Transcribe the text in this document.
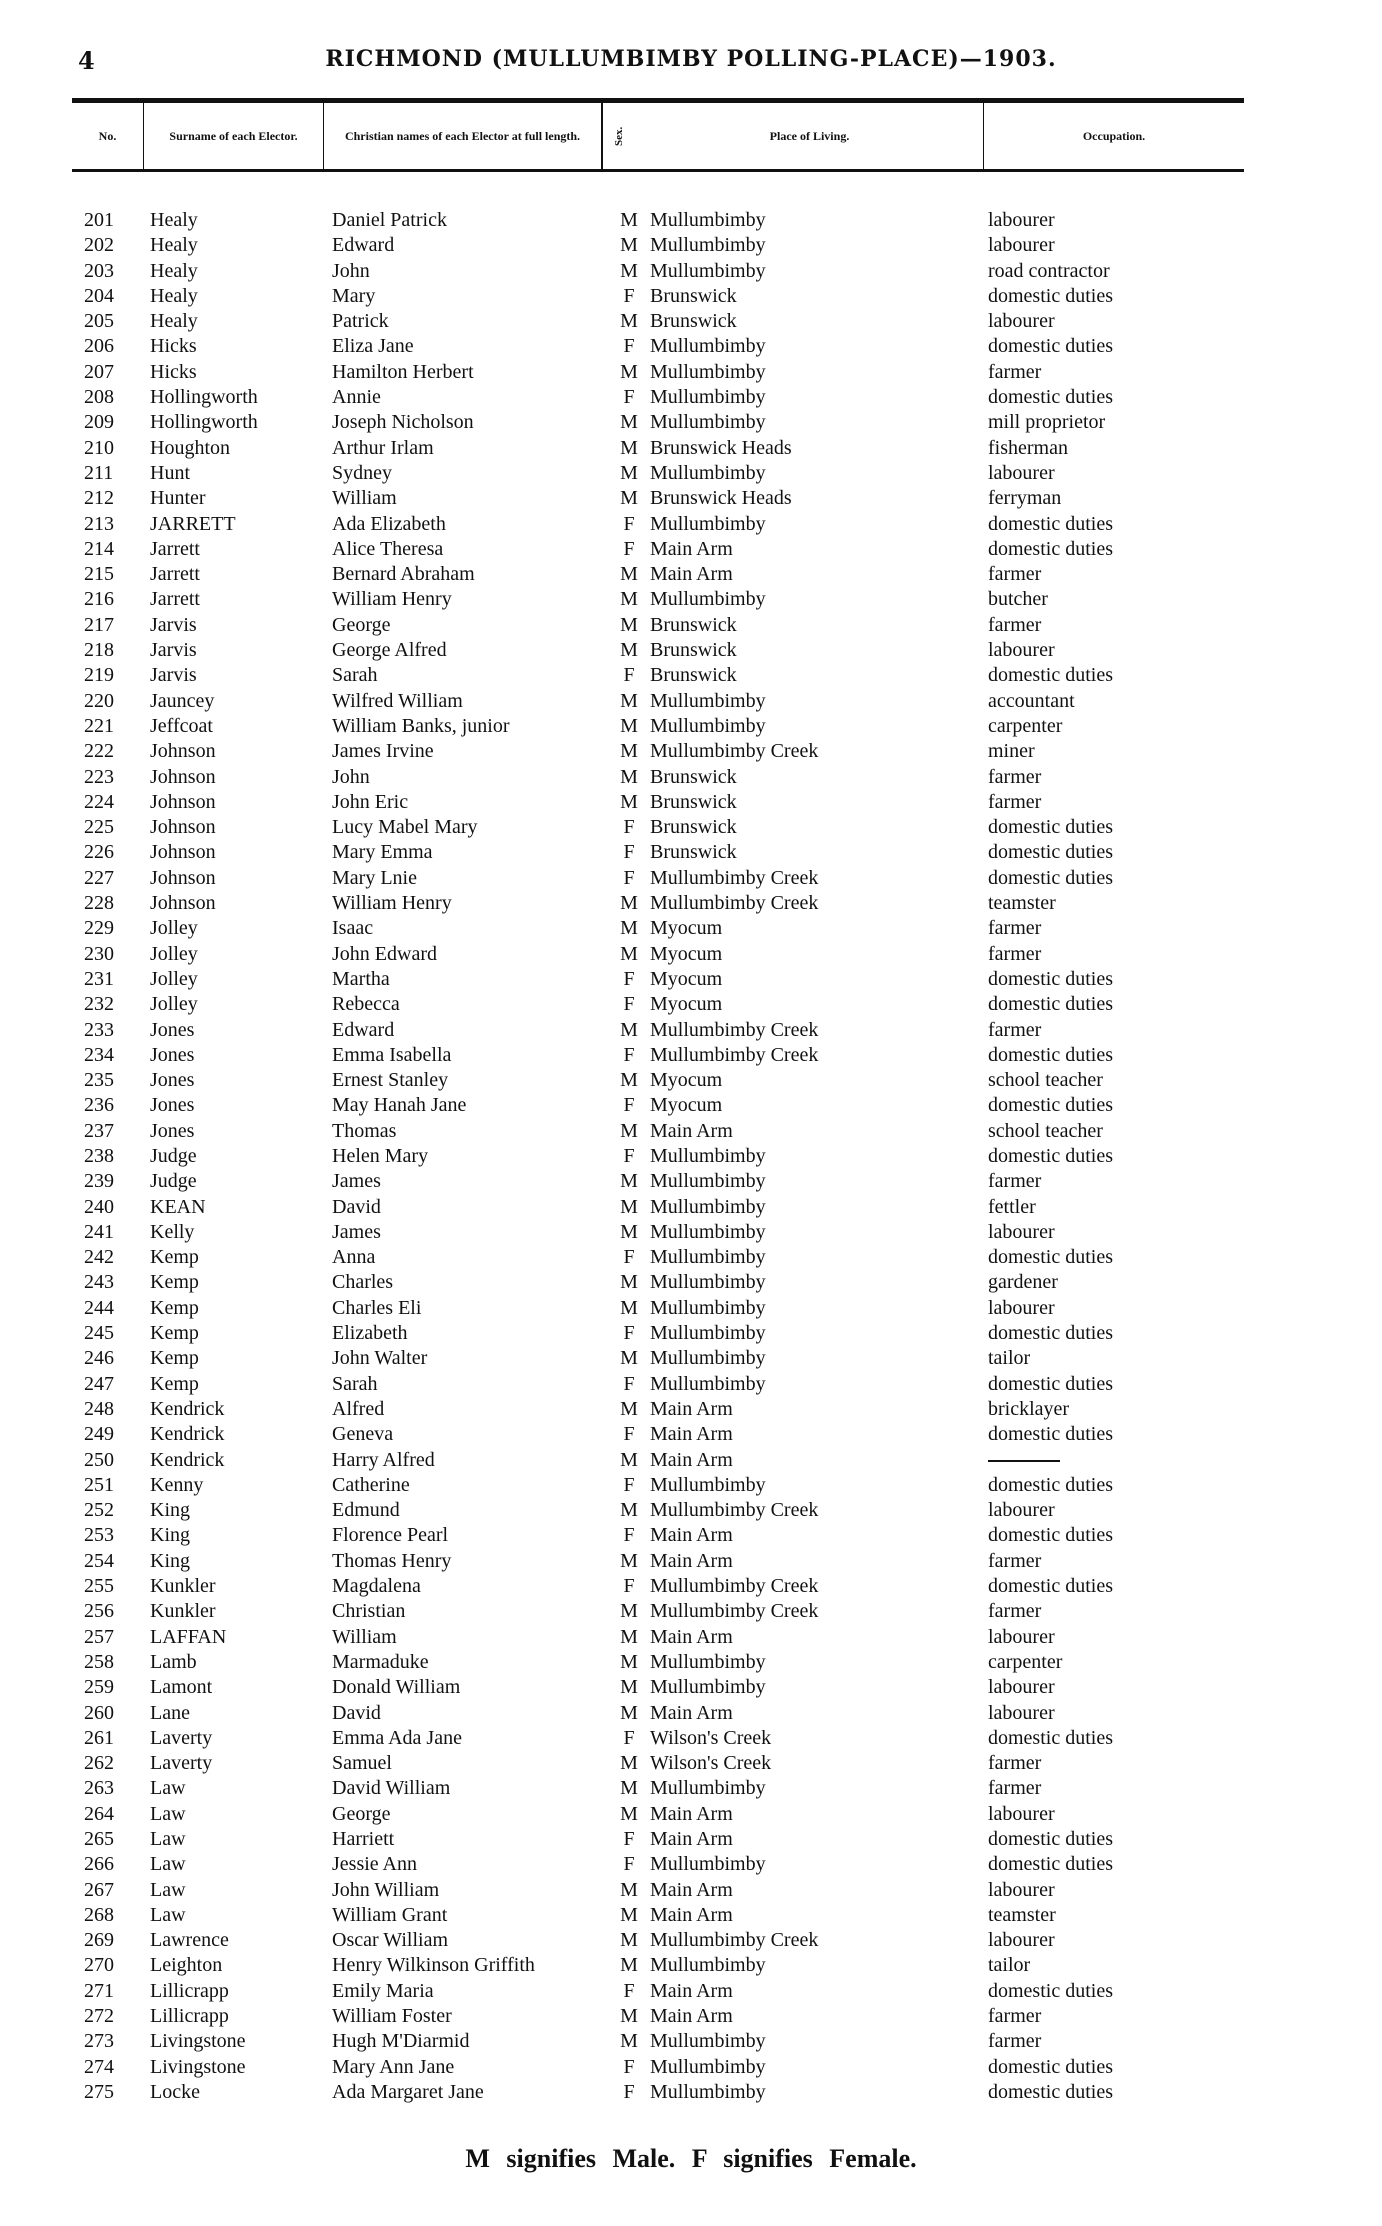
4	RICHMOND (MULLUMBIMBY POLLING-PLACE)—1903.
No.	Surname of each Elector.	Christian names of each Elector at full length.	Sex.	Place of Living.	Occupation.
201	Healy	Daniel Patrick	M Mullumbimby	labourer
202	Healy	Edward	M Mullumbimby	labourer
203	Healy	John	M Mullumbimby	road contractor
204	Healy	Mary	F Brunswick	domestic duties
205	Healy	Patrick	M Brunswick	labourer
206	Hicks	Eliza Jane	F Mullumbimby	domestic duties
207	Hicks	Hamilton Herbert	M Mullumbimby	farmer
208	Hollingworth	Annie	F Mullumbimby	domestic duties
209	Hollingworth	Joseph Nicholson	M Mullumbimby	mill proprietor
210	Houghton	Arthur Irlam	M Brunswick Heads	fisherman
211	Hunt	Sydney	M Mullumbimby	labourer
212	Hunter	William	M Brunswick Heads	ferryman
213	JARRETT	Ada Elizabeth	F Mullumbimby	domestic duties
214	Jarrett	Alice Theresa	F Main Arm	domestic duties
215	Jarrett	Bernard Abraham	M Main Arm	farmer
216	Jarrett	William Henry	M Mullumbimby	butcher
217	Jarvis	George	M Brunswick	farmer
218	Jarvis	George Alfred	M Brunswick	labourer
219	Jarvis	Sarah	F Brunswick	domestic duties
220	Jauncey	Wilfred William	M Mullumbimby	accountant
221	Jeffcoat	William Banks, junior	M Mullumbimby	carpenter
222	Johnson	James Irvine	M Mullumbimby Creek	miner
223	Johnson	John	M Brunswick	farmer
224	Johnson	John Eric	M Brunswick	farmer
225	Johnson	Lucy Mabel Mary	F Brunswick	domestic duties
226	Johnson	Mary Emma	F Brunswick	domestic duties
227	Johnson	Mary Lnie	F Mullumbimby Creek	domestic duties
228	Johnson	William Henry	M Mullumbimby Creek	teamster
229	Jolley	Isaac	M Myocum	farmer
230	Jolley	John Edward	M Myocum	farmer
231	Jolley	Martha	F Myocum	domestic duties
232	Jolley	Rebecca	F Myocum	domestic duties
233	Jones	Edward	M Mullumbimby Creek	farmer
234	Jones	Emma Isabella	F Mullumbimby Creek	domestic duties
235	Jones	Ernest Stanley	M Myocum	school teacher
236	Jones	May Hanah Jane	F Myocum	domestic duties
237	Jones	Thomas	M Main Arm	school teacher
238	Judge	Helen Mary	F Mullumbimby	domestic duties
239	Judge	James	M Mullumbimby	farmer
240	KEAN	David	M Mullumbimby	fettler
241	Kelly	James	M Mullumbimby	labourer
242	Kemp	Anna	F Mullumbimby	domestic duties
243	Kemp	Charles	M Mullumbimby	gardener
244	Kemp	Charles Eli	M Mullumbimby	labourer
245	Kemp	Elizabeth	F Mullumbimby	domestic duties
246	Kemp	John Walter	M Mullumbimby	tailor
247	Kemp	Sarah	F Mullumbimby	domestic duties
248	Kendrick	Alfred	M Main Arm	bricklayer
249	Kendrick	Geneva	F Main Arm	domestic duties
250	Kendrick	Harry Alfred	M Main Arm
251	Kenny	Catherine	F Mullumbimby	domestic duties
252	King	Edmund	M Mullumbimby Creek	labourer
253	King	Florence Pearl	F Main Arm	domestic duties
254	King	Thomas Henry	M Main Arm	farmer
255	Kunkler	Magdalena	F Mullumbimby Creek	domestic duties
256	Kunkler	Christian	M Mullumbimby Creek	farmer
257	LAFFAN	William	M Main Arm	labourer
258	Lamb	Marmaduke	M Mullumbimby	carpenter
259	Lamont	Donald William	M Mullumbimby	labourer
260	Lane	David	M Main Arm	labourer
261	Laverty	Emma Ada Jane	F Wilson's Creek	domestic duties
262	Laverty	Samuel	M Wilson's Creek	farmer
263	Law	David William	M Mullumbimby	farmer
264	Law	George	M Main Arm	labourer
265	Law	Harriett	F Main Arm	domestic duties
266	Law	Jessie Ann	F Mullumbimby	domestic duties
267	Law	John William	M Main Arm	labourer
268	Law	William Grant	M Main Arm	teamster
269	Lawrence	Oscar William	M Mullumbimby Creek	labourer
270	Leighton	Henry Wilkinson Griffith	M Mullumbimby	tailor
271	Lillicrapp	Emily Maria	F Main Arm	domestic duties
272	Lillicrapp	William Foster	M Main Arm	farmer
273	Livingstone	Hugh M'Diarmid	M Mullumbimby	farmer
274	Livingstone	Mary Ann Jane	F Mullumbimby	domestic duties
275	Locke	Ada Margaret Jane	F Mullumbimby	domestic duties
M signifies Male. F signifies Female.
